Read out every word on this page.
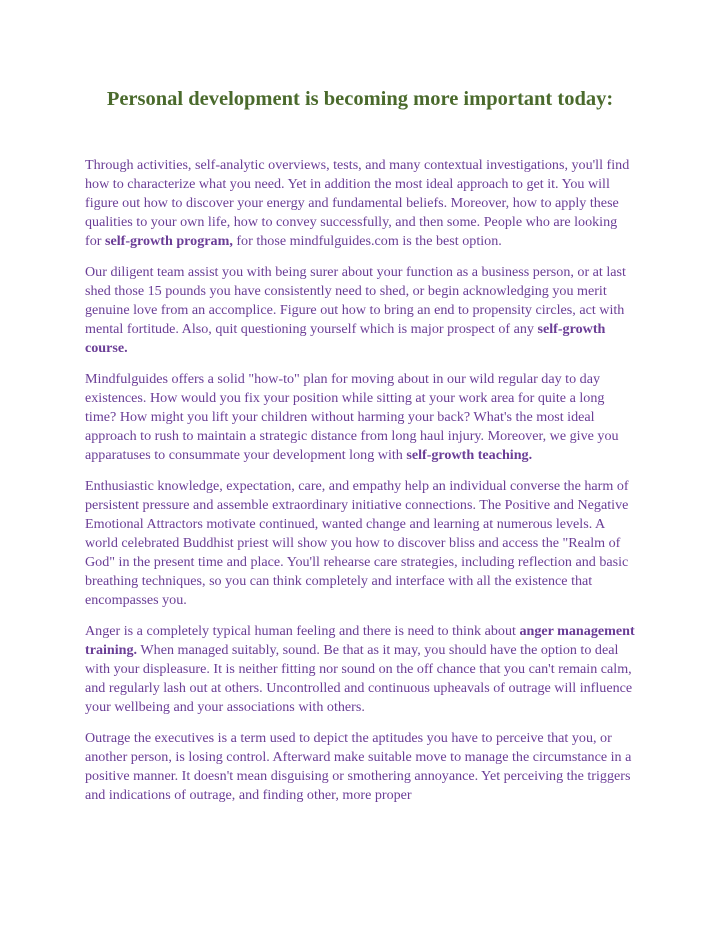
Personal development is becoming more important today:

Through activities, self-analytic overviews, tests, and many contextual investigations, you'll find how to characterize what you need. Yet in addition the most ideal approach to get it. You will figure out how to discover your energy and fundamental beliefs. Moreover, how to apply these qualities to your own life, how to convey successfully, and then some. People who are looking for self-growth program, for those mindfulguides.com is the best option.

Our diligent team assist you with being surer about your function as a business person, or at last shed those 15 pounds you have consistently need to shed, or begin acknowledging you merit genuine love from an accomplice. Figure out how to bring an end to propensity circles, act with mental fortitude. Also, quit questioning yourself which is major prospect of any self-growth course.

Mindfulguides offers a solid "how-to" plan for moving about in our wild regular day to day existences. How would you fix your position while sitting at your work area for quite a long time? How might you lift your children without harming your back? What's the most ideal approach to rush to maintain a strategic distance from long haul injury. Moreover, we give you apparatuses to consummate your development long with self-growth teaching.

Enthusiastic knowledge, expectation, care, and empathy help an individual converse the harm of persistent pressure and assemble extraordinary initiative connections. The Positive and Negative Emotional Attractors motivate continued, wanted change and learning at numerous levels. A world celebrated Buddhist priest will show you how to discover bliss and access the "Realm of God" in the present time and place. You'll rehearse care strategies, including reflection and basic breathing techniques, so you can think completely and interface with all the existence that encompasses you.

Anger is a completely typical human feeling and there is need to think about anger management training. When managed suitably, sound. Be that as it may, you should have the option to deal with your displeasure. It is neither fitting nor sound on the off chance that you can't remain calm, and regularly lash out at others. Uncontrolled and continuous upheavals of outrage will influence your wellbeing and your associations with others.

Outrage the executives is a term used to depict the aptitudes you have to perceive that you, or another person, is losing control. Afterward make suitable move to manage the circumstance in a positive manner. It doesn't mean disguising or smothering annoyance. Yet perceiving the triggers and indications of outrage, and finding other, more proper
